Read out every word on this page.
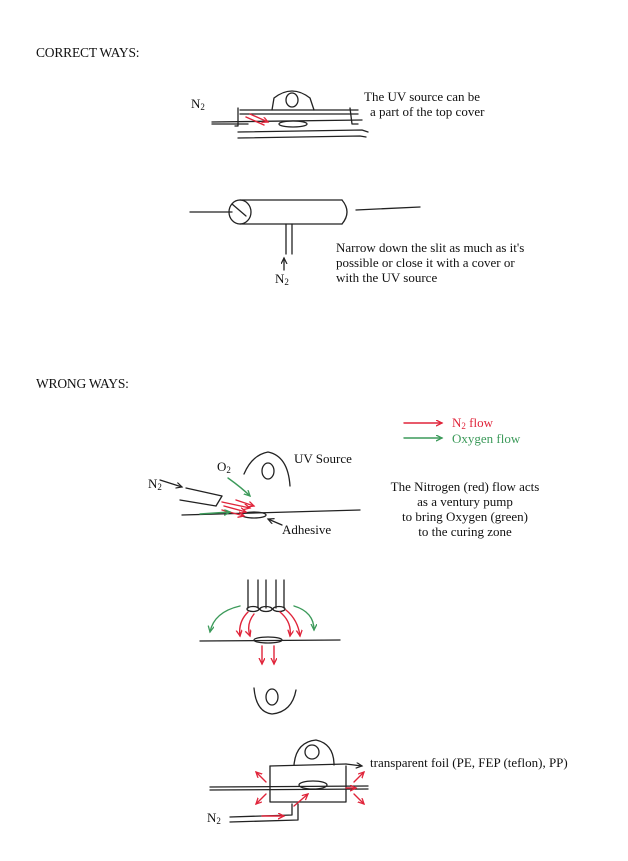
CORRECT WAYS:
WRONG WAYS:
$N_2$
The UV source can be
a part of the top cover
Narrow down the slit as much as it's
possible or close it with a cover or
with the UV source
$N_2$
$N_2$ flow
Oxygen flow
UV Source
$O_2$
$N_2$
Adhesive
The Nitrogen (red) flow acts
as a ventury pump
to bring Oxygen (green)
to the curing zone
transparent foil (PE, FEP (teflon), PP)
$N_2$
